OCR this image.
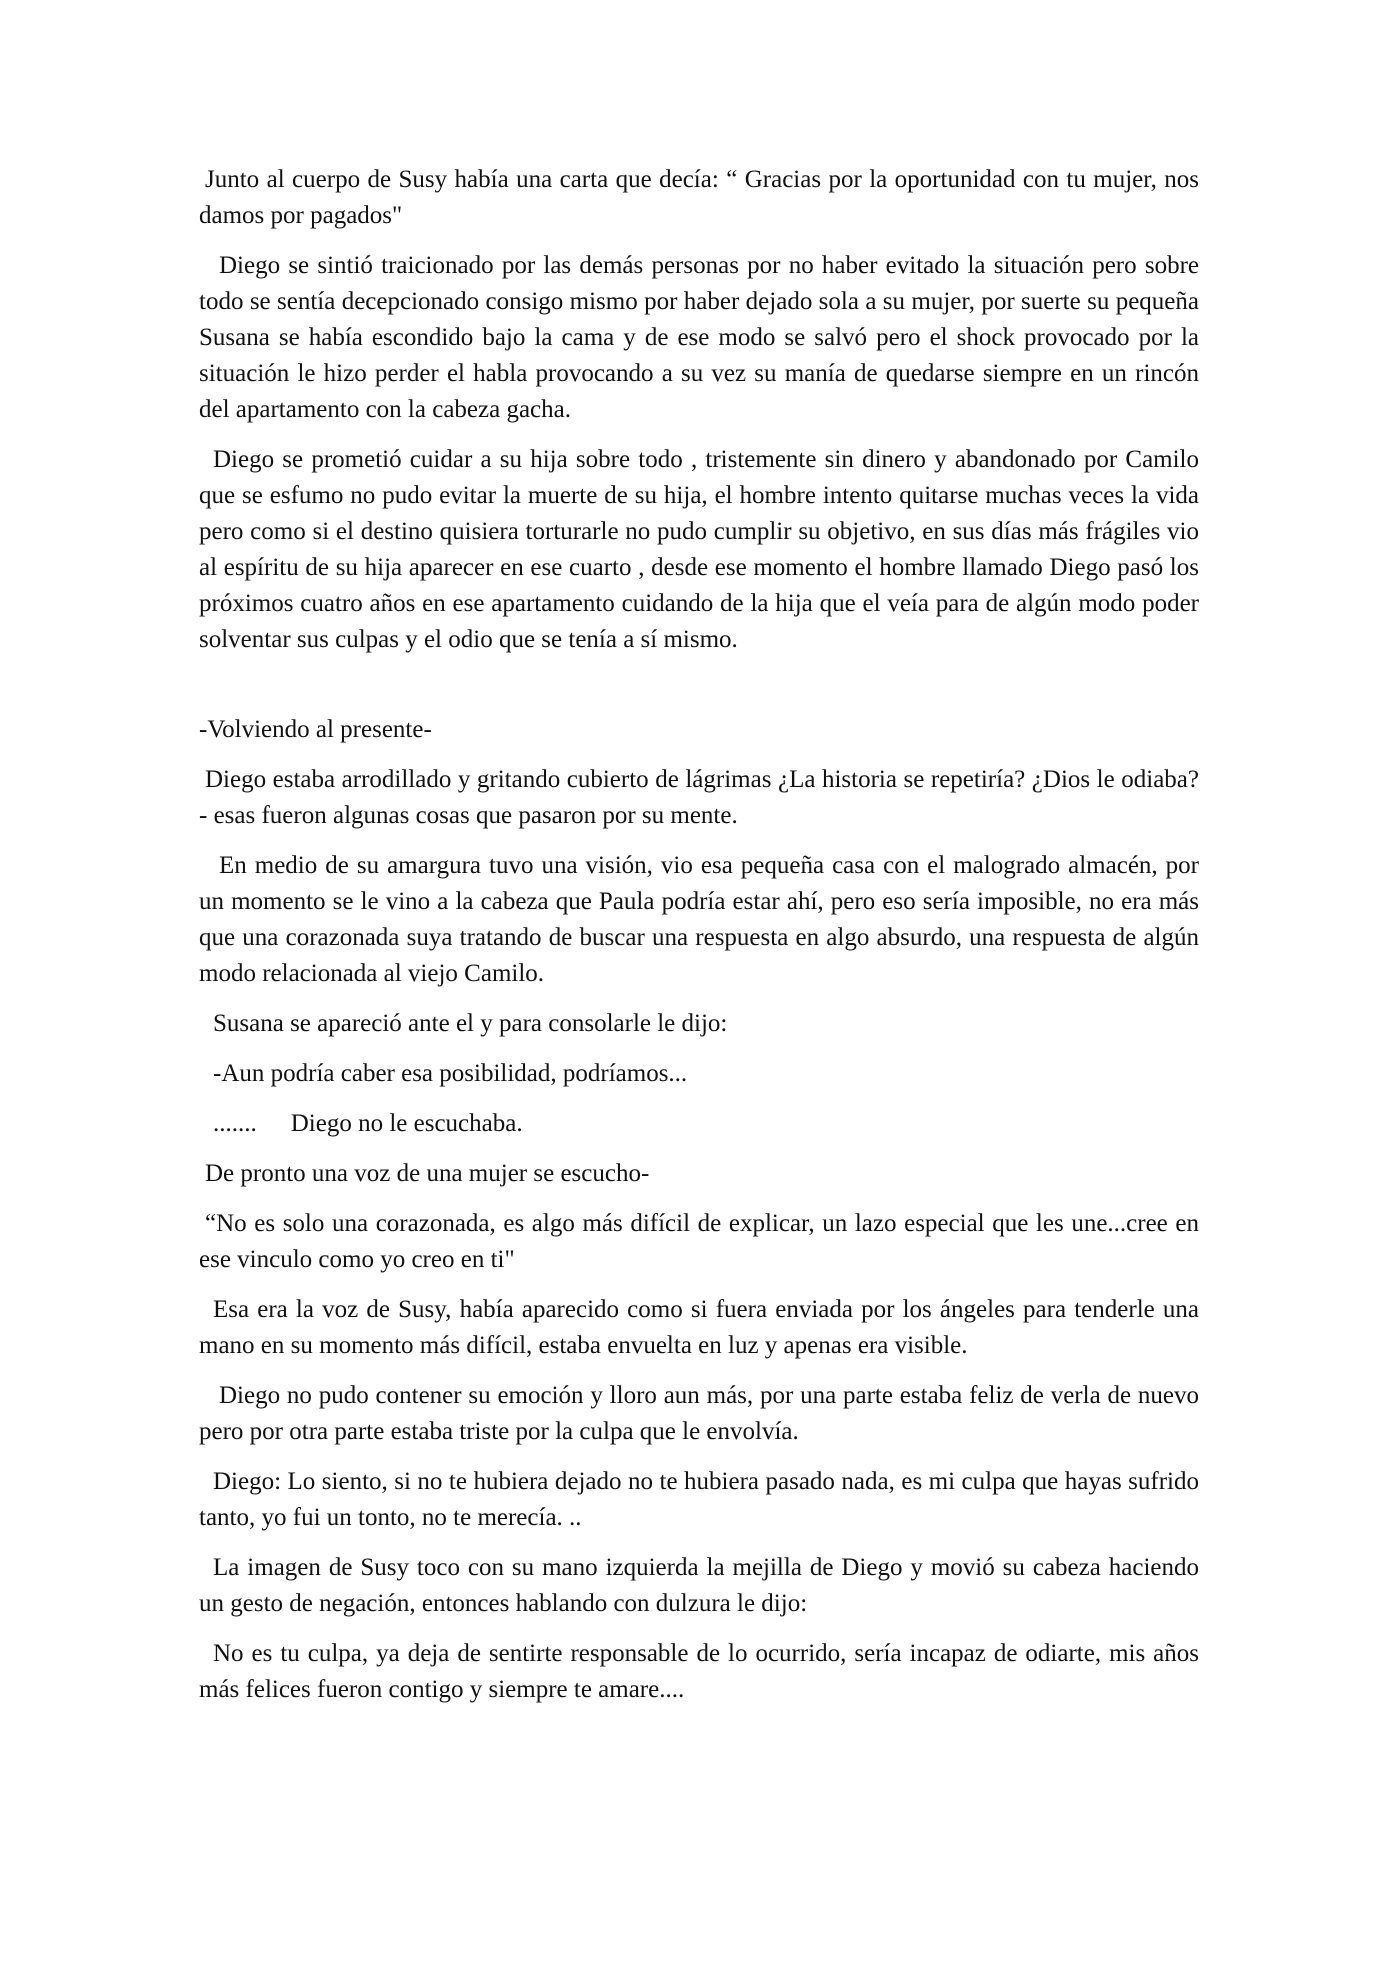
Junto al cuerpo de Susy había una carta que decía: “ Gracias por la oportunidad con tu mujer, nos damos por pagados"

Diego se sintió traicionado por las demás personas por no haber evitado la situación pero sobre todo se sentía decepcionado consigo mismo por haber dejado sola a su mujer, por suerte su pequeña Susana se había escondido bajo la cama y de ese modo se salvó pero el shock provocado por la situación le hizo perder el habla provocando a su vez su manía de quedarse siempre en un rincón del apartamento con la cabeza gacha.

Diego se prometió cuidar a su hija sobre todo , tristemente sin dinero y abandonado por Camilo que se esfumo no pudo evitar la muerte de su hija, el hombre intento quitarse muchas veces la vida pero como si el destino quisiera torturarle no pudo cumplir su objetivo, en sus días más frágiles vio al espíritu de su hija aparecer en ese cuarto , desde ese momento el hombre llamado Diego pasó los próximos cuatro años en ese apartamento cuidando de la hija que el veía para de algún modo poder solventar sus culpas y el odio que se tenía a sí mismo.

-Volviendo al presente-

Diego estaba arrodillado y gritando cubierto de lágrimas ¿La historia se repetiría? ¿Dios le odiaba? - esas fueron algunas cosas que pasaron por su mente.

En medio de su amargura tuvo una visión, vio esa pequeña casa con el malogrado almacén, por un momento se le vino a la cabeza que Paula podría estar ahí, pero eso sería imposible, no era más que una corazonada suya tratando de buscar una respuesta en algo absurdo, una respuesta de algún modo relacionada al viejo Camilo.

Susana se apareció ante el y para consolarle le dijo:

-Aun podría caber esa posibilidad, podríamos...

....... Diego no le escuchaba.

De pronto una voz de una mujer se escucho-

“No es solo una corazonada, es algo más difícil de explicar, un lazo especial que les une...cree en ese vinculo como yo creo en ti"

Esa era la voz de Susy, había aparecido como si fuera enviada por los ángeles para tenderle una mano en su momento más difícil, estaba envuelta en luz y apenas era visible.

Diego no pudo contener su emoción y lloro aun más, por una parte estaba feliz de verla de nuevo pero por otra parte estaba triste por la culpa que le envolvía.

Diego: Lo siento, si no te hubiera dejado no te hubiera pasado nada, es mi culpa que hayas sufrido tanto, yo fui un tonto, no te merecía. ..

La imagen de Susy toco con su mano izquierda la mejilla de Diego y movió su cabeza haciendo un gesto de negación, entonces hablando con dulzura le dijo:

No es tu culpa, ya deja de sentirte responsable de lo ocurrido, sería incapaz de odiarte, mis años más felices fueron contigo y siempre te amare....
